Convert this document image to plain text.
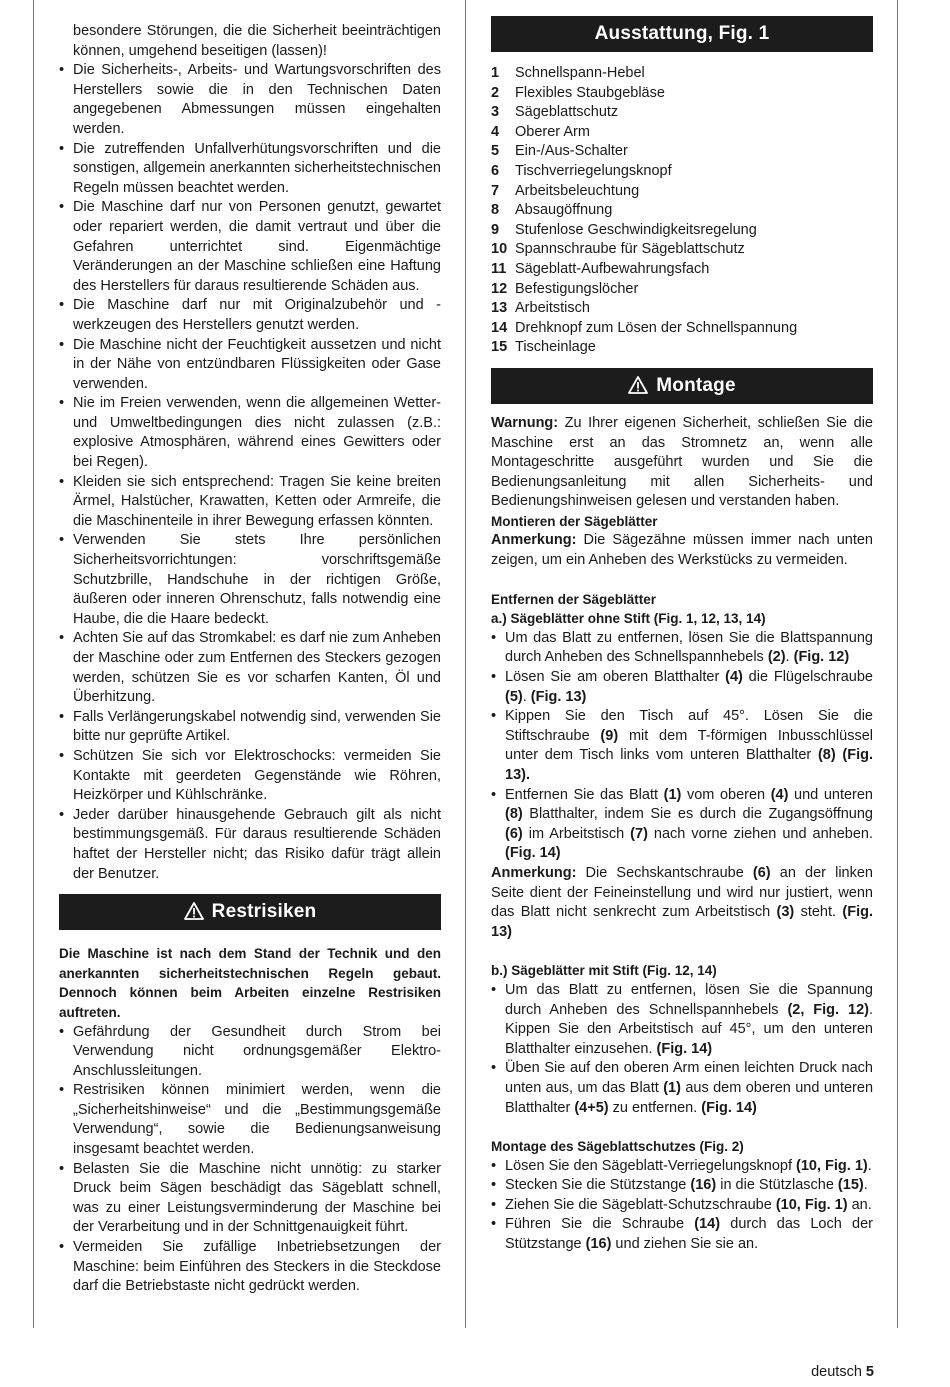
besondere Störungen, die die Sicherheit beeinträchtigen können, umgehend beseitigen (lassen)!
• Die Sicherheits-, Arbeits- und Wartungsvorschriften des Herstellers sowie die in den Technischen Daten angegebenen Abmessungen müssen eingehalten werden.
• Die zutreffenden Unfallverhütungsvorschriften und die sonstigen, allgemein anerkannten sicherheitstechnischen Regeln müssen beachtet werden.
• Die Maschine darf nur von Personen genutzt, gewartet oder repariert werden, die damit vertraut und über die Gefahren unterrichtet sind. Eigenmächtige Veränderungen an der Maschine schließen eine Haftung des Herstellers für daraus resultierende Schäden aus.
• Die Maschine darf nur mit Originalzubehör und -werkzeugen des Herstellers genutzt werden.
• Die Maschine nicht der Feuchtigkeit aussetzen und nicht in der Nähe von entzündbaren Flüssigkeiten oder Gase verwenden.
• Nie im Freien verwenden, wenn die allgemeinen Wetter- und Umweltbedingungen dies nicht zulassen (z.B.: explosive Atmosphären, während eines Gewitters oder bei Regen).
• Kleiden sie sich entsprechend: Tragen Sie keine breiten Ärmel, Halstücher, Krawatten, Ketten oder Armreife, die die Maschinenteile in ihrer Bewegung erfassen könnten.
• Verwenden Sie stets Ihre persönlichen Sicherheitsvorrichtungen: vorschriftsgemäße Schutzbrille, Handschuhe in der richtigen Größe, äußeren oder inneren Ohrenschutz, falls notwendig eine Haube, die die Haare bedeckt.
• Achten Sie auf das Stromkabel: es darf nie zum Anheben der Maschine oder zum Entfernen des Steckers gezogen werden, schützen Sie es vor scharfen Kanten, Öl und Überhitzung.
• Falls Verlängerungskabel notwendig sind, verwenden Sie bitte nur geprüfte Artikel.
• Schützen Sie sich vor Elektroschocks: vermeiden Sie Kontakte mit geerdeten Gegenstände wie Röhren, Heizkörper und Kühlschränke.
• Jeder darüber hinausgehende Gebrauch gilt als nicht bestimmungsgemäß. Für daraus resultierende Schäden haftet der Hersteller nicht; das Risiko dafür trägt allein der Benutzer.
Restrisiken
Die Maschine ist nach dem Stand der Technik und den anerkannten sicherheitstechnischen Regeln gebaut. Dennoch können beim Arbeiten einzelne Restrisiken auftreten.
• Gefährdung der Gesundheit durch Strom bei Verwendung nicht ordnungsgemäßer Elektro-Anschlussleitungen.
• Restrisiken können minimiert werden, wenn die „Sicherheitshinweise“ und die „Bestimmungsgemäße Verwendung“, sowie die Bedienungsanweisung insgesamt beachtet werden.
• Belasten Sie die Maschine nicht unnötig: zu starker Druck beim Sägen beschädigt das Sägeblatt schnell, was zu einer Leistungsverminderung der Maschine bei der Verarbeitung und in der Schnittgenauigkeit führt.
• Vermeiden Sie zufällige Inbetriebsetzungen der Maschine: beim Einführen des Steckers in die Steckdose darf die Betriebstaste nicht gedrückt werden.
Ausstattung, Fig. 1
1	Schnellspann-Hebel
2	Flexibles Staubgebläse
3	Sägeblattschutz
4	Oberer Arm
5	Ein-/Aus-Schalter
6	Tischverriegelungsknopf
7	Arbeitsbeleuchtung
8	Absaugöffnung
9	Stufenlose Geschwindigkeitsregelung
10 Spannschraube für Sägeblattschutz
11 Sägeblatt-Aufbewahrungsfach
12 Befestigungslöcher
13 Arbeitstisch
14 Drehknopf zum Lösen der Schnellspannung
15 Tischeinlage
Montage

Warnung: Zu Ihrer eigenen Sicherheit, schließen Sie die Maschine erst an das Stromnetz an, wenn alle Montageschritte ausgeführt wurden und Sie die Bedienungsanleitung mit allen Sicherheits- und Bedienungshinweisen gelesen und verstanden haben.

Montieren der Sägeblätter

Anmerkung: Die Sägezähne müssen immer nach unten zeigen, um ein Anheben des Werkstücks zu vermeiden.

Entfernen der Sägeblätter

a.) Sägeblätter ohne Stift (Fig. 1, 12, 13, 14)

• Um das Blatt zu entfernen, lösen Sie die Blattspannung durch Anheben des Schnellspannhebels (2). (Fig. 12)
• Lösen Sie am oberen Blatthalter (4) die Flügelschraube (5). (Fig. 13)
• Kippen Sie den Tisch auf 45°. Lösen Sie die Stiftschraube (9) mit dem T-förmigen Inbusschlüssel unter dem Tisch links vom unteren Blatthalter (8) (Fig. 13).
• Entfernen Sie das Blatt (1) vom oberen (4) und unteren (8) Blatthalter, indem Sie es durch die Zugangsöffnung (6) im Arbeitstisch (7) nach vorne ziehen und anheben. (Fig. 14)

Anmerkung: Die Sechskantschraube (6) an der linken Seite dient der Feineinstellung und wird nur justiert, wenn das Blatt nicht senkrecht zum Arbeitstisch (3) steht. (Fig. 13)

b.) Sägeblätter mit Stift (Fig. 12, 14)

• Um das Blatt zu entfernen, lösen Sie die Spannung durch Anheben des Schnellspannhebels (2, Fig. 12). Kippen Sie den Arbeitstisch auf 45°, um den unteren Blatthalter einzusehen. (Fig. 14)
• Üben Sie auf den oberen Arm einen leichten Druck nach unten aus, um das Blatt (1) aus dem oberen und unteren Blatthalter (4+5) zu entfernen. (Fig. 14)

Montage des Sägeblattschutzes (Fig. 2)

• Lösen Sie den Sägeblatt-Verriegelungsknopf (10, Fig. 1).
• Stecken Sie die Stützstange (16) in die Stützlasche (15).
• Ziehen Sie die Sägeblatt-Schutzschraube (10, Fig. 1) an.
• Führen Sie die Schraube (14) durch das Loch der Stützstange (16) und ziehen Sie sie an.
deutsch 5
